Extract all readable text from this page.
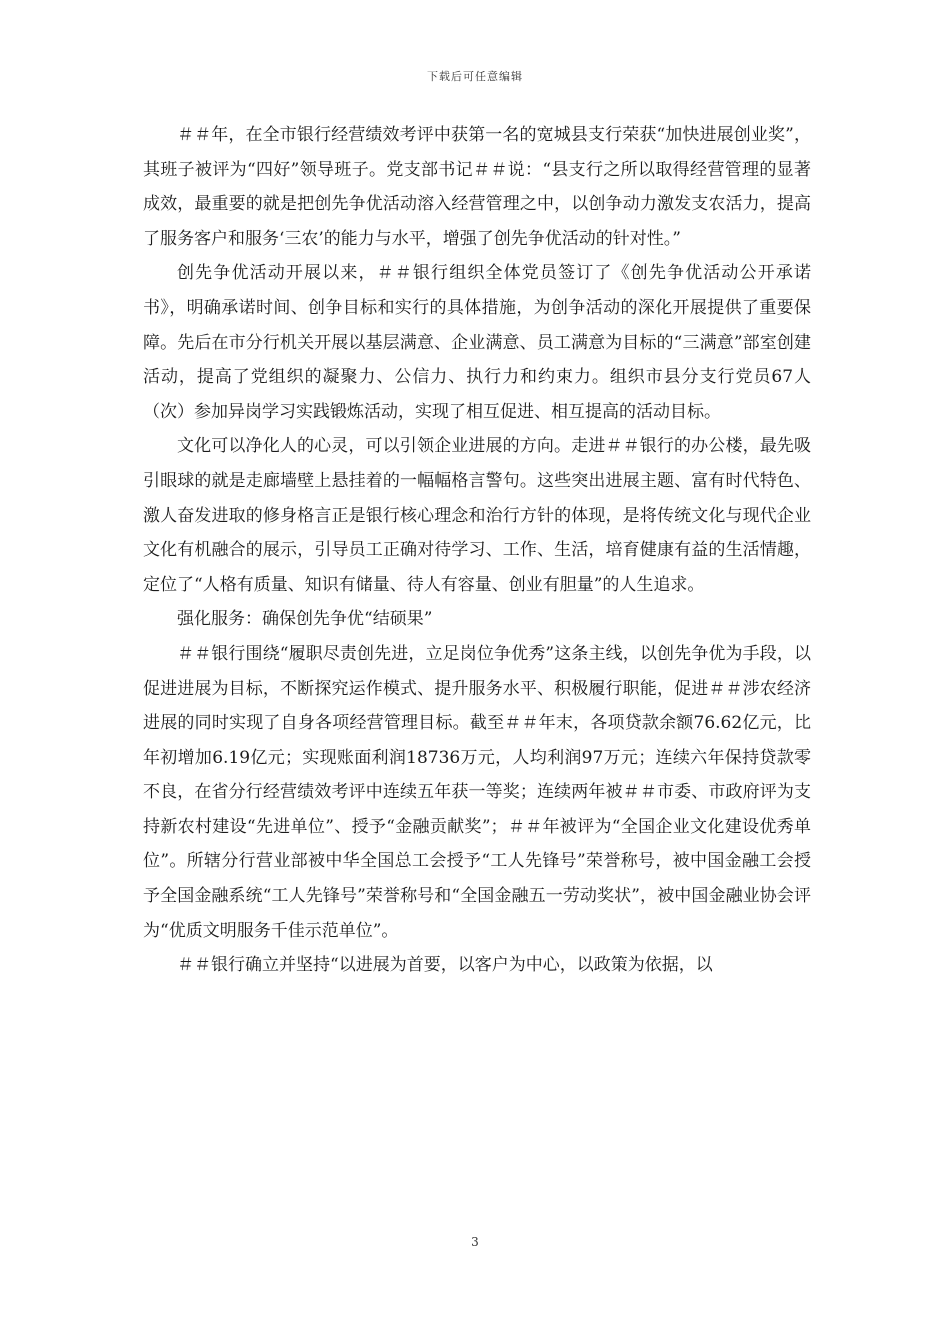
下载后可任意编辑

＃＃年，在全市银行经营绩效考评中获第一名的宽城县支行荣获“加快进展创业奖”，其班子被评为“四好”领导班子。党支部书记＃＃说：“县支行之所以取得经营管理的显著成效，最重要的就是把创先争优活动溶入经营管理之中，以创争动力激发支农活力，提高了服务客户和服务‘三农’的能力与水平，增强了创先争优活动的针对性。”

创先争优活动开展以来，＃＃银行组织全体党员签订了《创先争优活动公开承诺书》，明确承诺时间、创争目标和实行的具体措施，为创争活动的深化开展提供了重要保障。先后在市分行机关开展以基层满意、企业满意、员工满意为目标的“三满意”部室创建活动，提高了党组织的凝聚力、公信力、执行力和约束力。组织市县分支行党员67人（次）参加异岗学习实践锻炼活动，实现了相互促进、相互提高的活动目标。

文化可以净化人的心灵，可以引领企业进展的方向。走进＃＃银行的办公楼，最先吸引眼球的就是走廊墙壁上悬挂着的一幅幅格言警句。这些突出进展主题、富有时代特色、激人奋发进取的修身格言正是银行核心理念和治行方针的体现，是将传统文化与现代企业文化有机融合的展示，引导员工正确对待学习、工作、生活，培育健康有益的生活情趣，定位了“人格有质量、知识有储量、待人有容量、创业有胆量”的人生追求。

强化服务：确保创先争优“结硕果”

＃＃银行围绕“履职尽责创先进，立足岗位争优秀”这条主线，以创先争优为手段，以促进进展为目标，不断探究运作模式、提升服务水平、积极履行职能，促进＃＃涉农经济进展的同时实现了自身各项经营管理目标。截至＃＃年末，各项贷款余额76.62亿元，比年初增加6.19亿元；实现账面利润18736万元，人均利润97万元；连续六年保持贷款零不良，在省分行经营绩效考评中连续五年获一等奖；连续两年被＃＃市委、市政府评为支持新农村建设“先进单位”、授予“金融贡献奖”；＃＃年被评为“全国企业文化建设优秀单位”。所辖分行营业部被中华全国总工会授予“工人先锋号”荣誉称号，被中国金融工会授予全国金融系统“工人先锋号”荣誉称号和“全国金融五一劳动奖状”，被中国金融业协会评为“优质文明服务千佳示范单位”。

＃＃银行确立并坚持“以进展为首要，以客户为中心，以政策为依据，以

3
